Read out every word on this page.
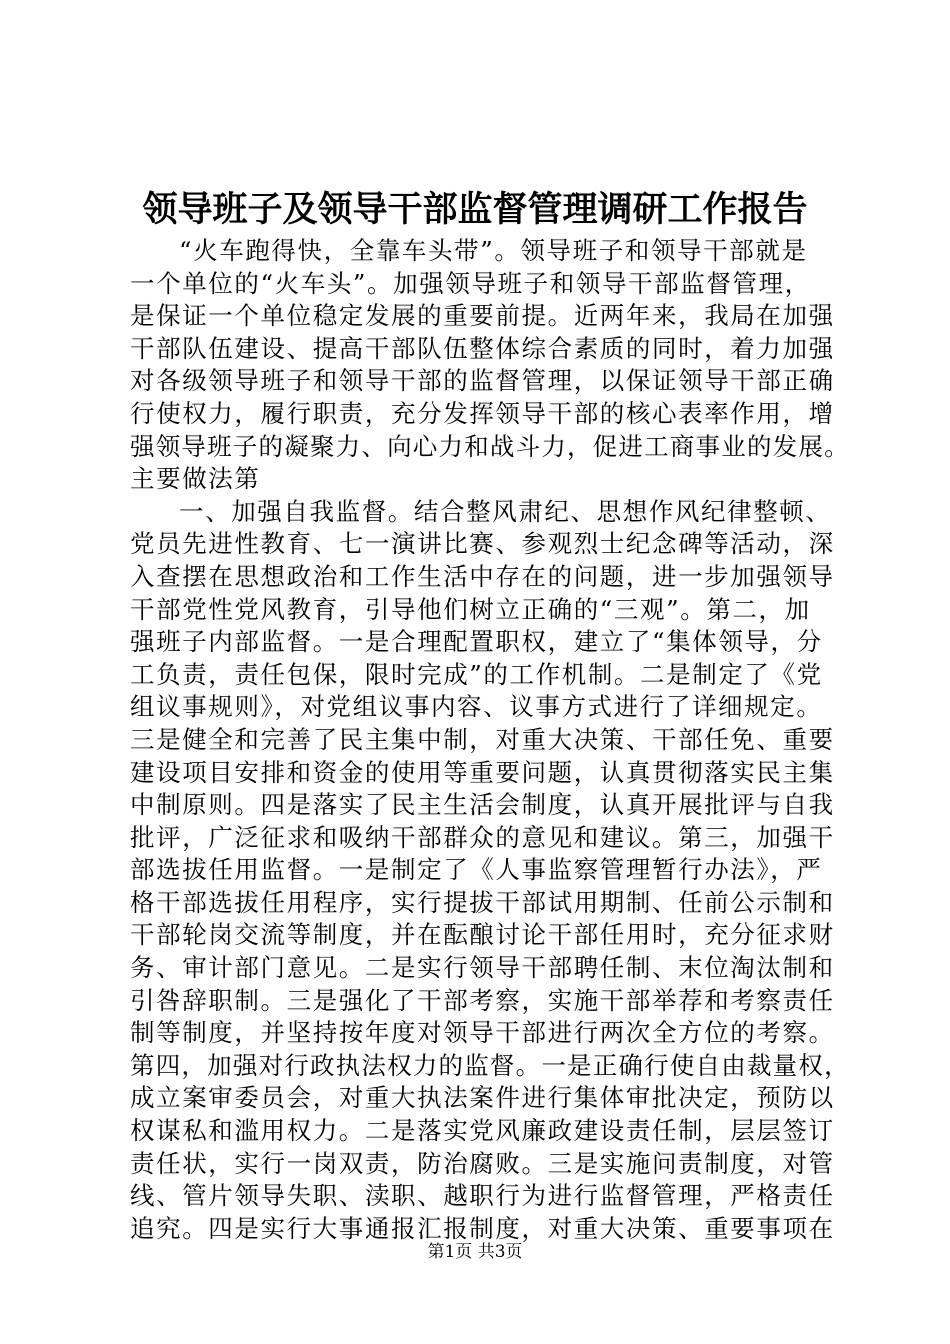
领导班子及领导干部监督管理调研工作报告
“火车跑得快，全靠车头带”。领导班子和领导干部就是
一个单位的“火车头”。加强领导班子和领导干部监督管理，
是保证一个单位稳定发展的重要前提。近两年来，我局在加强
干部队伍建设、提高干部队伍整体综合素质的同时，着力加强
对各级领导班子和领导干部的监督管理，以保证领导干部正确
行使权力，履行职责，充分发挥领导干部的核心表率作用，增
强领导班子的凝聚力、向心力和战斗力，促进工商事业的发展。
主要做法第
一、加强自我监督。结合整风肃纪、思想作风纪律整顿、
党员先进性教育、七一演讲比赛、参观烈士纪念碑等活动，深
入查摆在思想政治和工作生活中存在的问题，进一步加强领导
干部党性党风教育，引导他们树立正确的“三观”。第二，加
强班子内部监督。一是合理配置职权，建立了“集体领导，分
工负责，责任包保，限时完成”的工作机制。二是制定了《党
组议事规则》，对党组议事内容、议事方式进行了详细规定。
三是健全和完善了民主集中制，对重大决策、干部任免、重要
建设项目安排和资金的使用等重要问题，认真贯彻落实民主集
中制原则。四是落实了民主生活会制度，认真开展批评与自我
批评，广泛征求和吸纳干部群众的意见和建议。第三，加强干
部选拔任用监督。一是制定了《人事监察管理暂行办法》，严
格干部选拔任用程序，实行提拔干部试用期制、任前公示制和
干部轮岗交流等制度，并在酝酿讨论干部任用时，充分征求财
务、审计部门意见。二是实行领导干部聘任制、末位淘汰制和
引咎辞职制。三是强化了干部考察，实施干部举荐和考察责任
制等制度，并坚持按年度对领导干部进行两次全方位的考察。
第四，加强对行政执法权力的监督。一是正确行使自由裁量权，
成立案审委员会，对重大执法案件进行集体审批决定，预防以
权谋私和滥用权力。二是落实党风廉政建设责任制，层层签订
责任状，实行一岗双责，防治腐败。三是实施问责制度，对管
线、管片领导失职、渎职、越职行为进行监督管理，严格责任
追究。四是实行大事通报汇报制度，对重大决策、重要事项在
第1页 共3页
